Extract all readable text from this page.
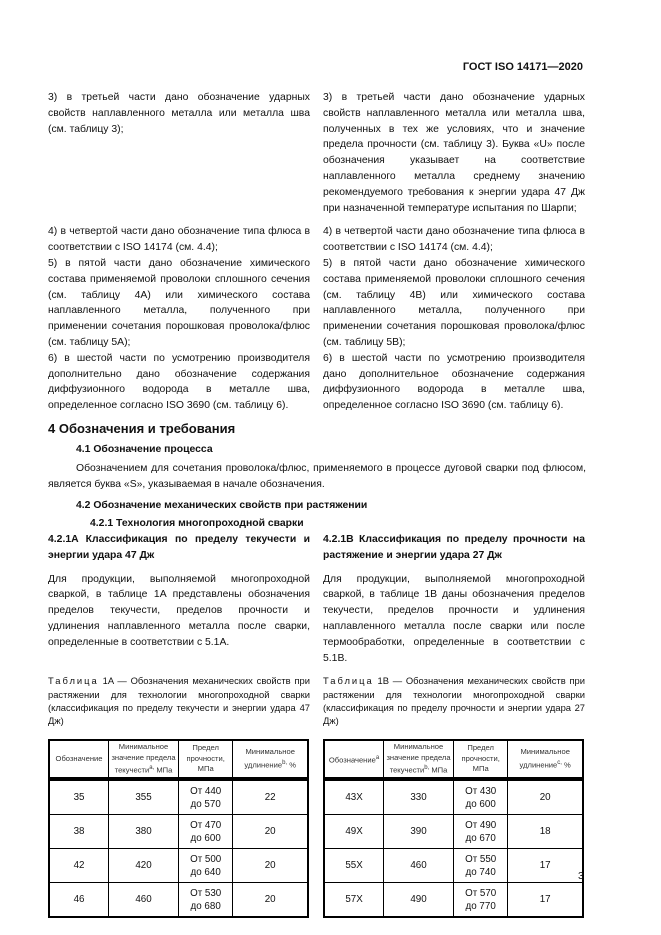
ГОСТ ISO 14171—2020
3) в третьей части дано обозначение ударных свойств наплавленного металла или металла шва (см. таблицу 3);
3) в третьей части дано обозначение ударных свойств наплавленного металла или металла шва, полученных в тех же условиях, что и значение предела прочности (см. таблицу 3). Буква «U» после обозначения указывает на соответствие наплавленного металла среднему значению рекомендуемого требования к энергии удара 47 Дж при назначенной температуре испытания по Шарпи;
4) в четвертой части дано обозначение типа флюса в соответствии с ISO 14174 (см. 4.4);
4) в четвертой части дано обозначение типа флюса в соответствии с ISO 14174 (см. 4.4);
5) в пятой части дано обозначение химического состава применяемой проволоки сплошного сечения (см. таблицу 4A) или химического состава наплавленного металла, полученного при применении сочетания порошковая проволока/флюс (см. таблицу 5A);
5) в пятой части дано обозначение химического состава применяемой проволоки сплошного сечения (см. таблицу 4B) или химического состава наплавленного металла, полученного при применении сочетания порошковая проволока/флюс (см. таблицу 5B);
6) в шестой части по усмотрению производителя дополнительно дано обозначение содержания диффузионного водорода в металле шва, определенное согласно ISO 3690 (см. таблицу 6).
6) в шестой части по усмотрению производителя дано дополнительное обозначение содержания диффузионного водорода в металле шва, определенное согласно ISO 3690 (см. таблицу 6).
4 Обозначения и требования
4.1 Обозначение процесса
Обозначением для сочетания проволока/флюс, применяемого в процессе дуговой сварки под флюсом, является буква «S», указываемая в начале обозначения.
4.2 Обозначение механических свойств при растяжении
4.2.1 Технология многопроходной сварки
4.2.1A Классификация по пределу текучести и энергии удара 47 Дж
4.2.1B Классификация по пределу прочности на растяжение и энергии удара 27 Дж
Для продукции, выполняемой многопроходной сваркой, в таблице 1A представлены обозначения пределов текучести, пределов прочности и удлинения наплавленного металла после сварки, определенные в соответствии с 5.1A.
Для продукции, выполняемой многопроходной сваркой, в таблице 1B даны обозначения пределов текучести, пределов прочности и удлинения наплавленного металла после сварки или после термообработки, определенные в соответствии с 5.1B.
Таблица 1A — Обозначения механических свойств при растяжении для технологии многопроходной сварки (классификация по пределу текучести и энергии удара 47 Дж)
Таблица 1B — Обозначения механических свойств при растяжении для технологии многопроходной сварки (классификация по пределу прочности и энергии удара 27 Дж)
Обозначение	Минимальное значение предела текучестиa, МПа	Предел прочности, МПа	Минимальное удлинениеb, %
35	355	От 440 до 570	22
38	380	От 470 до 600	20
42	420	От 500 до 640	20
46	460	От 530 до 680	20
Обозначениеa	Минимальное значение предела текучестиb, МПа	Предел прочности, МПа	Минимальное удлинениеc, %
43X	330	От 430 до 600	20
49X	390	От 490 до 670	18
55X	460	От 550 до 740	17
57X	490	От 570 до 770	17
3
